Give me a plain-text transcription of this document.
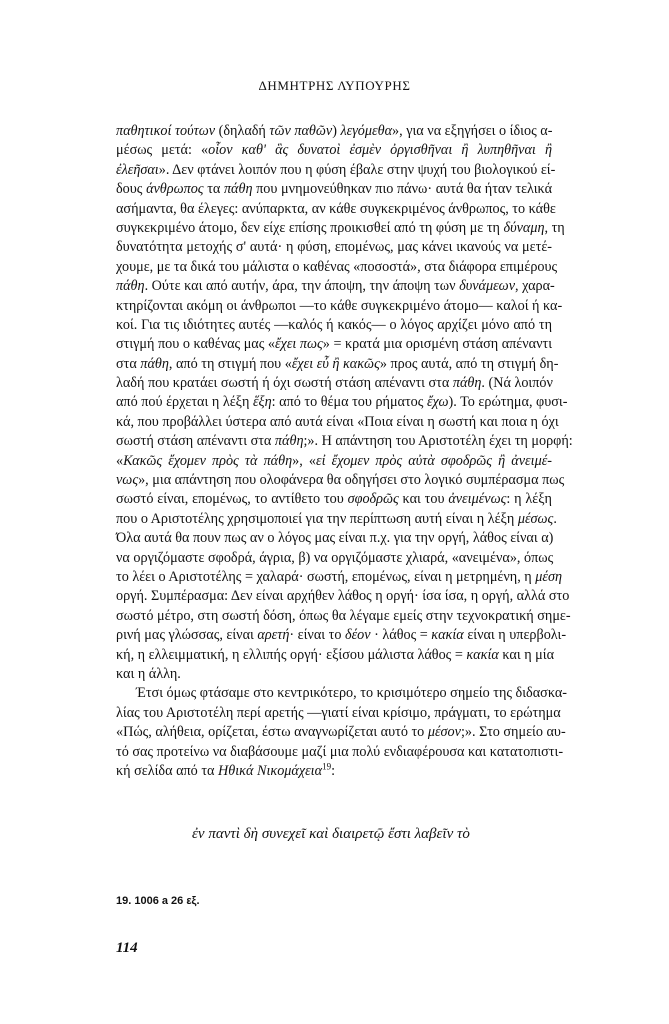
ΔΗΜΗΤΡΗΣ ΛΥΠΟΥΡΗΣ
παθητικοί τούτων (δηλαδή τῶν παθῶν) λεγόμεθα», για να εξηγήσει ο ίδιος α-
μέσως μετά: «οἷον καθ' ἃς δυνατοὶ ἐσμὲν ὀργισθῆναι ἢ λυπηθῆναι ἢ
ἐλεῆσαι». Δεν φτάνει λοιπόν που η φύση έβαλε στην ψυχή του βιολογικού εί-
δους άνθρωπος τα πάθη που μνημονεύθηκαν πιο πάνω· αυτά θα ήταν τελικά
ασήμαντα, θα έλεγες: ανύπαρκτα, αν κάθε συγκεκριμένος άνθρωπος, το κάθε
συγκεκριμένο άτομο, δεν είχε επίσης προικισθεί από τη φύση με τη δύναμη, τη
δυνατότητα μετοχής σ' αυτά· η φύση, επομένως, μας κάνει ικανούς να μετέ-
χουμε, με τα δικά του μάλιστα ο καθένας «ποσοστά», στα διάφορα επιμέρους
πάθη. Ούτε και από αυτήν, άρα, την άποψη, την άποψη των δυνάμεων, χαρα-
κτηρίζονται ακόμη οι άνθρωποι —το κάθε συγκεκριμένο άτομο— καλοί ή κα-
κοί. Για τις ιδιότητες αυτές —καλός ή κακός— ο λόγος αρχίζει μόνο από τη
στιγμή που ο καθένας μας «ἔχει πως» = κρατά μια ορισμένη στάση απέναντι
στα πάθη, από τη στιγμή που «ἔχει εὖ ἢ κακῶς» προς αυτά, από τη στιγμή δη-
λαδή που κρατάει σωστή ή όχι σωστή στάση απέναντι στα πάθη. (Νά λοιπόν
από πού έρχεται η λέξη ἕξη: από το θέμα του ρήματος ἔχω). Το ερώτημα, φυσι-
κά, που προβάλλει ύστερα από αυτά είναι «Ποια είναι η σωστή και ποια η όχι
σωστή στάση απέναντι στα πάθη;». Η απάντηση του Αριστοτέλη έχει τη μορφή:
«Κακῶς ἔχομεν πρὸς τὰ πάθη», «εἰ ἔχομεν πρὸς αὐτὰ σφοδρῶς ἢ ἀνειμέ-
νως», μια απάντηση που ολοφάνερα θα οδηγήσει στο λογικό συμπέρασμα πως
σωστό είναι, επομένως, το αντίθετο του σφοδρῶς και του ἀνειμένως: η λέξη
που ο Αριστοτέλης χρησιμοποιεί για την περίπτωση αυτή είναι η λέξη μέσως.
Όλα αυτά θα πουν πως αν ο λόγος μας είναι π.χ. για την οργή, λάθος είναι α)
να οργιζόμαστε σφοδρά, άγρια, β) να οργιζόμαστε χλιαρά, «ανειμένα», όπως
το λέει ο Αριστοτέλης = χαλαρά· σωστή, επομένως, είναι η μετρημένη, η μέση
οργή. Συμπέρασμα: Δεν είναι αρχήθεν λάθος η οργή· ίσα ίσα, η οργή, αλλά στο
σωστό μέτρο, στη σωστή δόση, όπως θα λέγαμε εμείς στην τεχνοκρατική σημε-
ρινή μας γλώσσας, είναι αρετή· είναι το δέον · λάθος = κακία είναι η υπερβολι-
κή, η ελλειμματική, η ελλιπής οργή· εξίσου μάλιστα λάθος = κακία και η μία
και η άλλη.
Έτσι όμως φτάσαμε στο κεντρικότερο, το κρισιμότερο σημείο της διδασκα-
λίας του Αριστοτέλη περί αρετής —γιατί είναι κρίσιμο, πράγματι, το ερώτημα
«Πώς, αλήθεια, ορίζεται, έστω αναγνωρίζεται αυτό το μέσον;». Στο σημείο αυ-
τό σας προτείνω να διαβάσουμε μαζί μια πολύ ενδιαφέρουσα και κατατοπιστι-
κή σελίδα από τα Ηθικά Νικομάχεια$^{19}$:
ἐν παντὶ δὴ συνεχεῖ καὶ διαιρετῷ ἔστι λαβεῖν τὸ
19. 1006 a 26 εξ.
114
